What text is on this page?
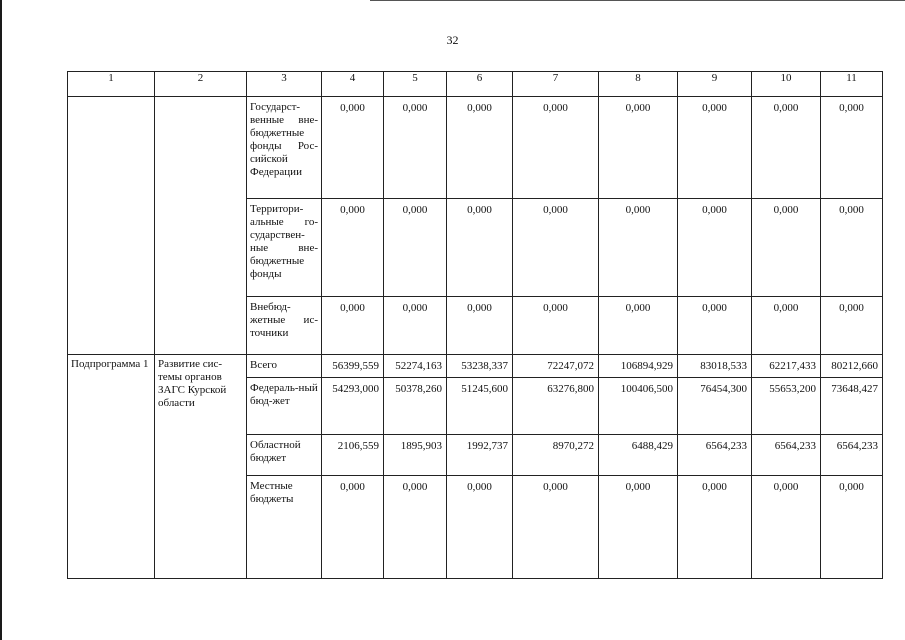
32
1	2	3	4	5	6	7	8	9	10	11
		Государст-венные вне-бюджетные фонды Рос-сийской Федерации	0,000	0,000	0,000	0,000	0,000	0,000	0,000	0,000
		Территори-альные го-сударствен-ные вне-бюджетные фонды	0,000	0,000	0,000	0,000	0,000	0,000	0,000	0,000
		Внебюд-жетные ис-точники	0,000	0,000	0,000	0,000	0,000	0,000	0,000	0,000
Подпрограмма 1	Развитие сис-темы органов ЗАГС Курской области	Всего	56399,559	52274,163	53238,337	72247,072	106894,929	83018,533	62217,433	80212,660
		Федераль-ный бюд-жет	54293,000	50378,260	51245,600	63276,800	100406,500	76454,300	55653,200	73648,427
		Областной бюджет	2106,559	1895,903	1992,737	8970,272	6488,429	6564,233	6564,233	6564,233
		Местные бюджеты	0,000	0,000	0,000	0,000	0,000	0,000	0,000	0,000
